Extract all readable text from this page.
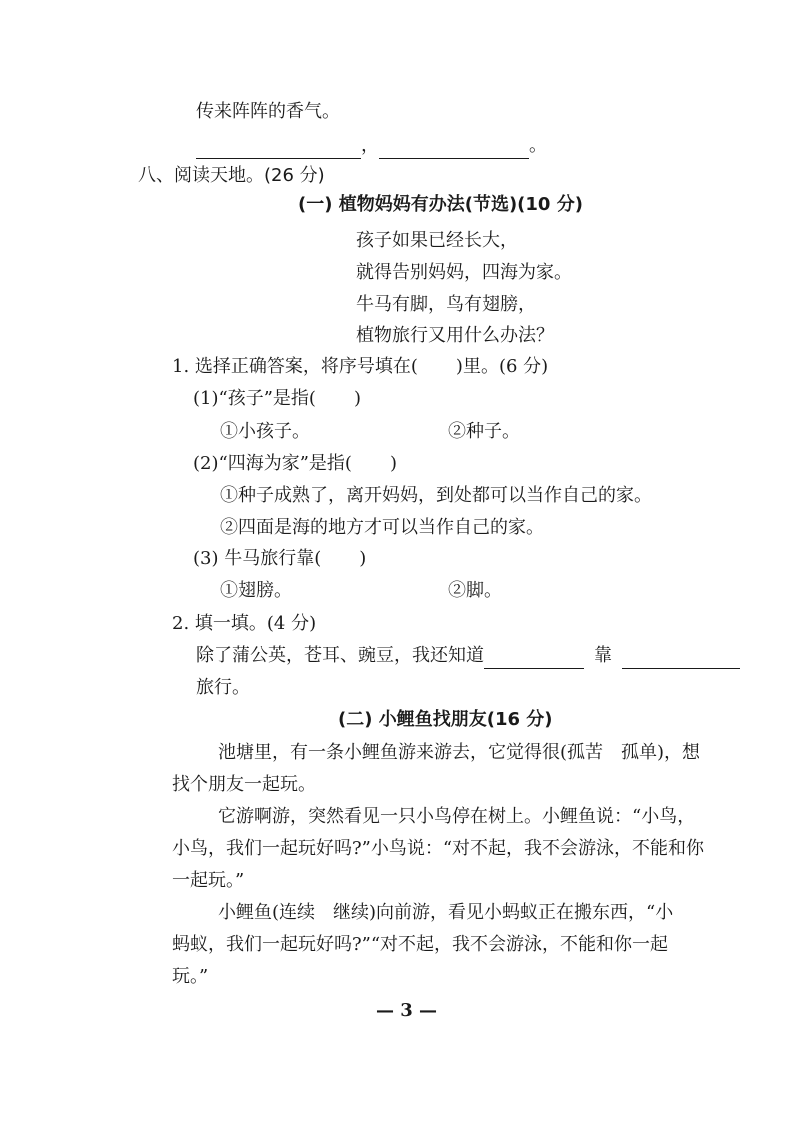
传来阵阵的香气。
，	。
八、阅读天地。(26 分)
(一) 植物妈妈有办法(节选)(10 分)
孩子如果已经长大，
就得告别妈妈，四海为家。
牛马有脚，鸟有翅膀，
植物旅行又用什么办法？
1. 选择正确答案，将序号填在( )里。(6 分)
(1)“孩子”是指( )
①小孩子。	②种子。
(2)“四海为家”是指( )
①种子成熟了，离开妈妈，到处都可以当作自己的家。
②四面是海的地方才可以当作自己的家。
(3) 牛马旅行靠( )
①翅膀。	②脚。
2. 填一填。(4 分)
除了蒲公英，苍耳、豌豆，我还知道	靠
旅行。
(二) 小鲤鱼找朋友(16 分)
池塘里，有一条小鲤鱼游来游去，它觉得很(孤苦　孤单)，想
找个朋友一起玩。
它游啊游，突然看见一只小鸟停在树上。小鲤鱼说：“小鸟，
小鸟，我们一起玩好吗?”小鸟说：“对不起，我不会游泳，不能和你
一起玩。”
小鲤鱼(连续　继续)向前游，看见小蚂蚁正在搬东西，“小
蚂蚁，我们一起玩好吗?”“对不起，我不会游泳，不能和你一起
玩。”
— 3 —
